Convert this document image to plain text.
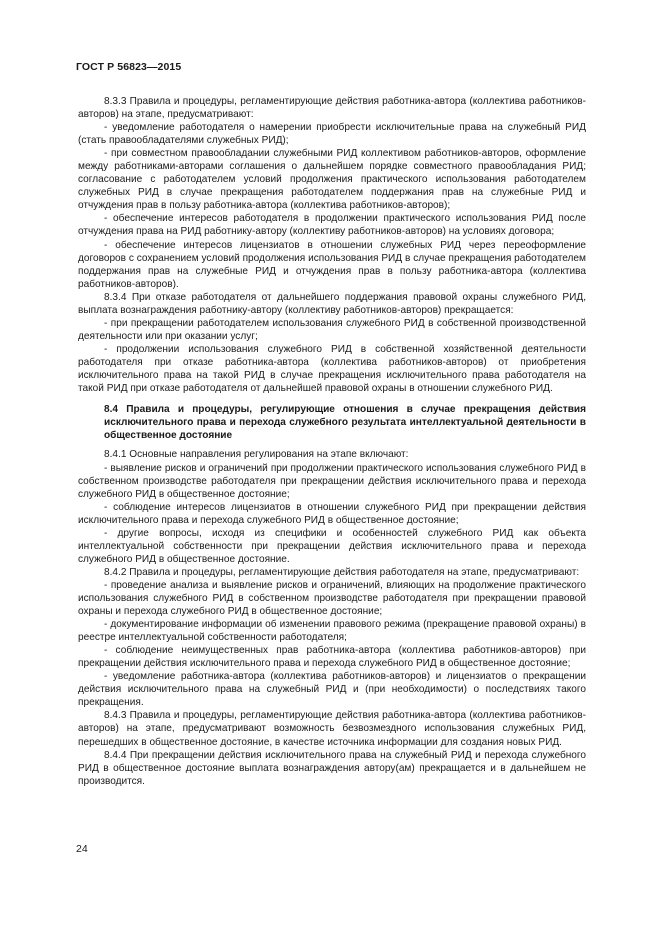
ГОСТ Р 56823—2015

8.3.3 Правила и процедуры, регламентирующие действия работника-автора (коллектива работников-авторов) на этапе, предусматривают:

- уведомление работодателя о намерении приобрести исключительные права на служебный РИД (стать правообладателями служебных РИД);

- при совместном правообладании служебными РИД коллективом работников-авторов, оформление между работниками-авторами соглашения о дальнейшем порядке совместного правообладания РИД; согласование с работодателем условий продолжения практического использования работодателем служебных РИД в случае прекращения работодателем поддержания прав на служебные РИД и отчуждения прав в пользу работника-автора (коллектива работников-авторов);

- обеспечение интересов работодателя в продолжении практического использования РИД после отчуждения права на РИД работнику-автору (коллективу работников-авторов) на условиях договора;

- обеспечение интересов лицензиатов в отношении служебных РИД через переоформление договоров с сохранением условий продолжения использования РИД в случае прекращения работодателем поддержания прав на служебные РИД и отчуждения прав в пользу работника-автора (коллектива работников-авторов).

8.3.4 При отказе работодателя от дальнейшего поддержания правовой охраны служебного РИД, выплата вознаграждения работнику-автору (коллективу работников-авторов) прекращается:

- при прекращении работодателем использования служебного РИД в собственной производственной деятельности или при оказании услуг;

- продолжении использования служебного РИД в собственной хозяйственной деятельности работодателя при отказе работника-автора (коллектива работников-авторов) от приобретения исключительного права на такой РИД в случае прекращения исключительного права работодателя на такой РИД при отказе работодателя от дальнейшей правовой охраны в отношении служебного РИД.

8.4 Правила и процедуры, регулирующие отношения в случае прекращения действия исключительного права и перехода служебного результата интеллектуальной деятельности в общественное достояние

8.4.1 Основные направления регулирования на этапе включают:

- выявление рисков и ограничений при продолжении практического использования служебного РИД в собственном производстве работодателя при прекращении действия исключительного права и перехода служебного РИД в общественное достояние;

- соблюдение интересов лицензиатов в отношении служебного РИД при прекращении действия исключительного права и перехода служебного РИД в общественное достояние;

- другие вопросы, исходя из специфики и особенностей служебного РИД как объекта интеллектуальной собственности при прекращении действия исключительного права и перехода служебного РИД в общественное достояние.

8.4.2 Правила и процедуры, регламентирующие действия работодателя на этапе, предусматривают:

- проведение анализа и выявление рисков и ограничений, влияющих на продолжение практического использования служебного РИД в собственном производстве работодателя при прекращении правовой охраны и перехода служебного РИД в общественное достояние;

- документирование информации об изменении правового режима (прекращение правовой охраны) в реестре интеллектуальной собственности работодателя;

- соблюдение неимущественных прав работника-автора (коллектива работников-авторов) при прекращении действия исключительного права и перехода служебного РИД в общественное достояние;

- уведомление работника-автора (коллектива работников-авторов) и лицензиатов о прекращении действия исключительного права на служебный РИД и (при необходимости) о последствиях такого прекращения.

8.4.3 Правила и процедуры, регламентирующие действия работника-автора (коллектива работников-авторов) на этапе, предусматривают возможность безвозмездного использования служебных РИД, перешедших в общественное достояние, в качестве источника информации для создания новых РИД.

8.4.4 При прекращении действия исключительного права на служебный РИД и перехода служебного РИД в общественное достояние выплата вознаграждения автору(ам) прекращается и в дальнейшем не производится.

24
